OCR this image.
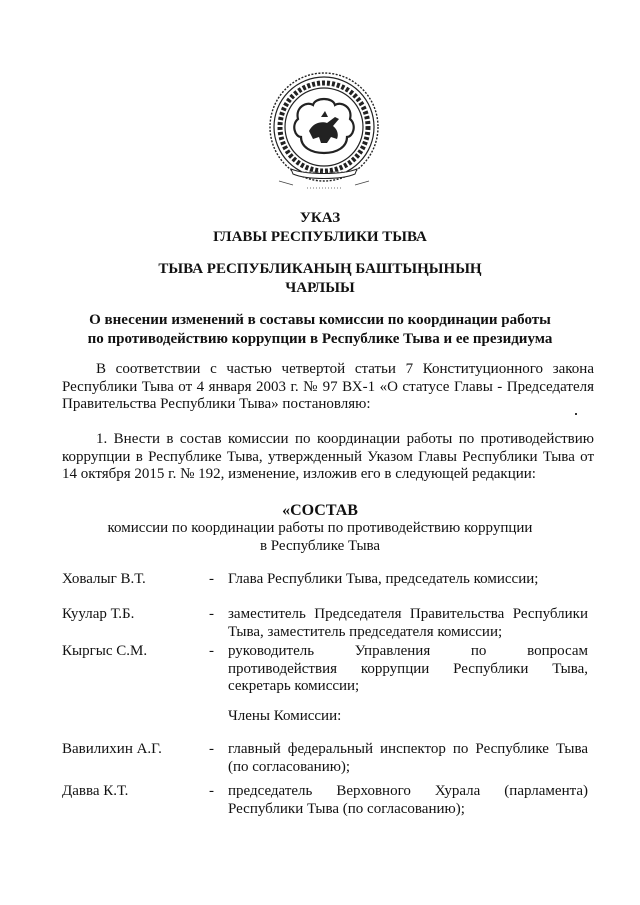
УКАЗ
ГЛАВЫ РЕСПУБЛИКИ ТЫВА
ТЫВА РЕСПУБЛИКАНЫҢ БАШТЫҢЫНЫҢ
ЧАРЛЫЫ
О внесении изменений в составы комиссии по координации работы
по противодействию коррупции в Республике Тыва и ее президиума
В соответствии с частью четвертой статьи 7 Конституционного закона Республики Тыва от 4 января 2003 г. № 97 ВХ-1 «О статусе Главы - Председателя Правительства Республики Тыва» постановляю:
1. Внести в состав комиссии по координации работы по противодействию коррупции в Республике Тыва, утвержденный Указом Главы Республики Тыва от 14 октября 2015 г. № 192, изменение, изложив его в следующей редакции:
«СОСТАВ
комиссии по координации работы по противодействию коррупции
в Республике Тыва
Ховалыг В.Т.	- Глава Республики Тыва, председатель комиссии;
Куулар Т.Б.	- заместитель Председателя Правительства Республики Тыва, заместитель председателя комиссии;
Кыргыс С.М.	- руководитель Управления по вопросам противодействия коррупции Республики Тыва, секретарь комиссии;
Члены Комиссии:
Вавилихин А.Г.	- главный федеральный инспектор по Республике Тыва (по согласованию);
Давва К.Т.	- председатель Верховного Хурала (парламента) Республики Тыва (по согласованию);
